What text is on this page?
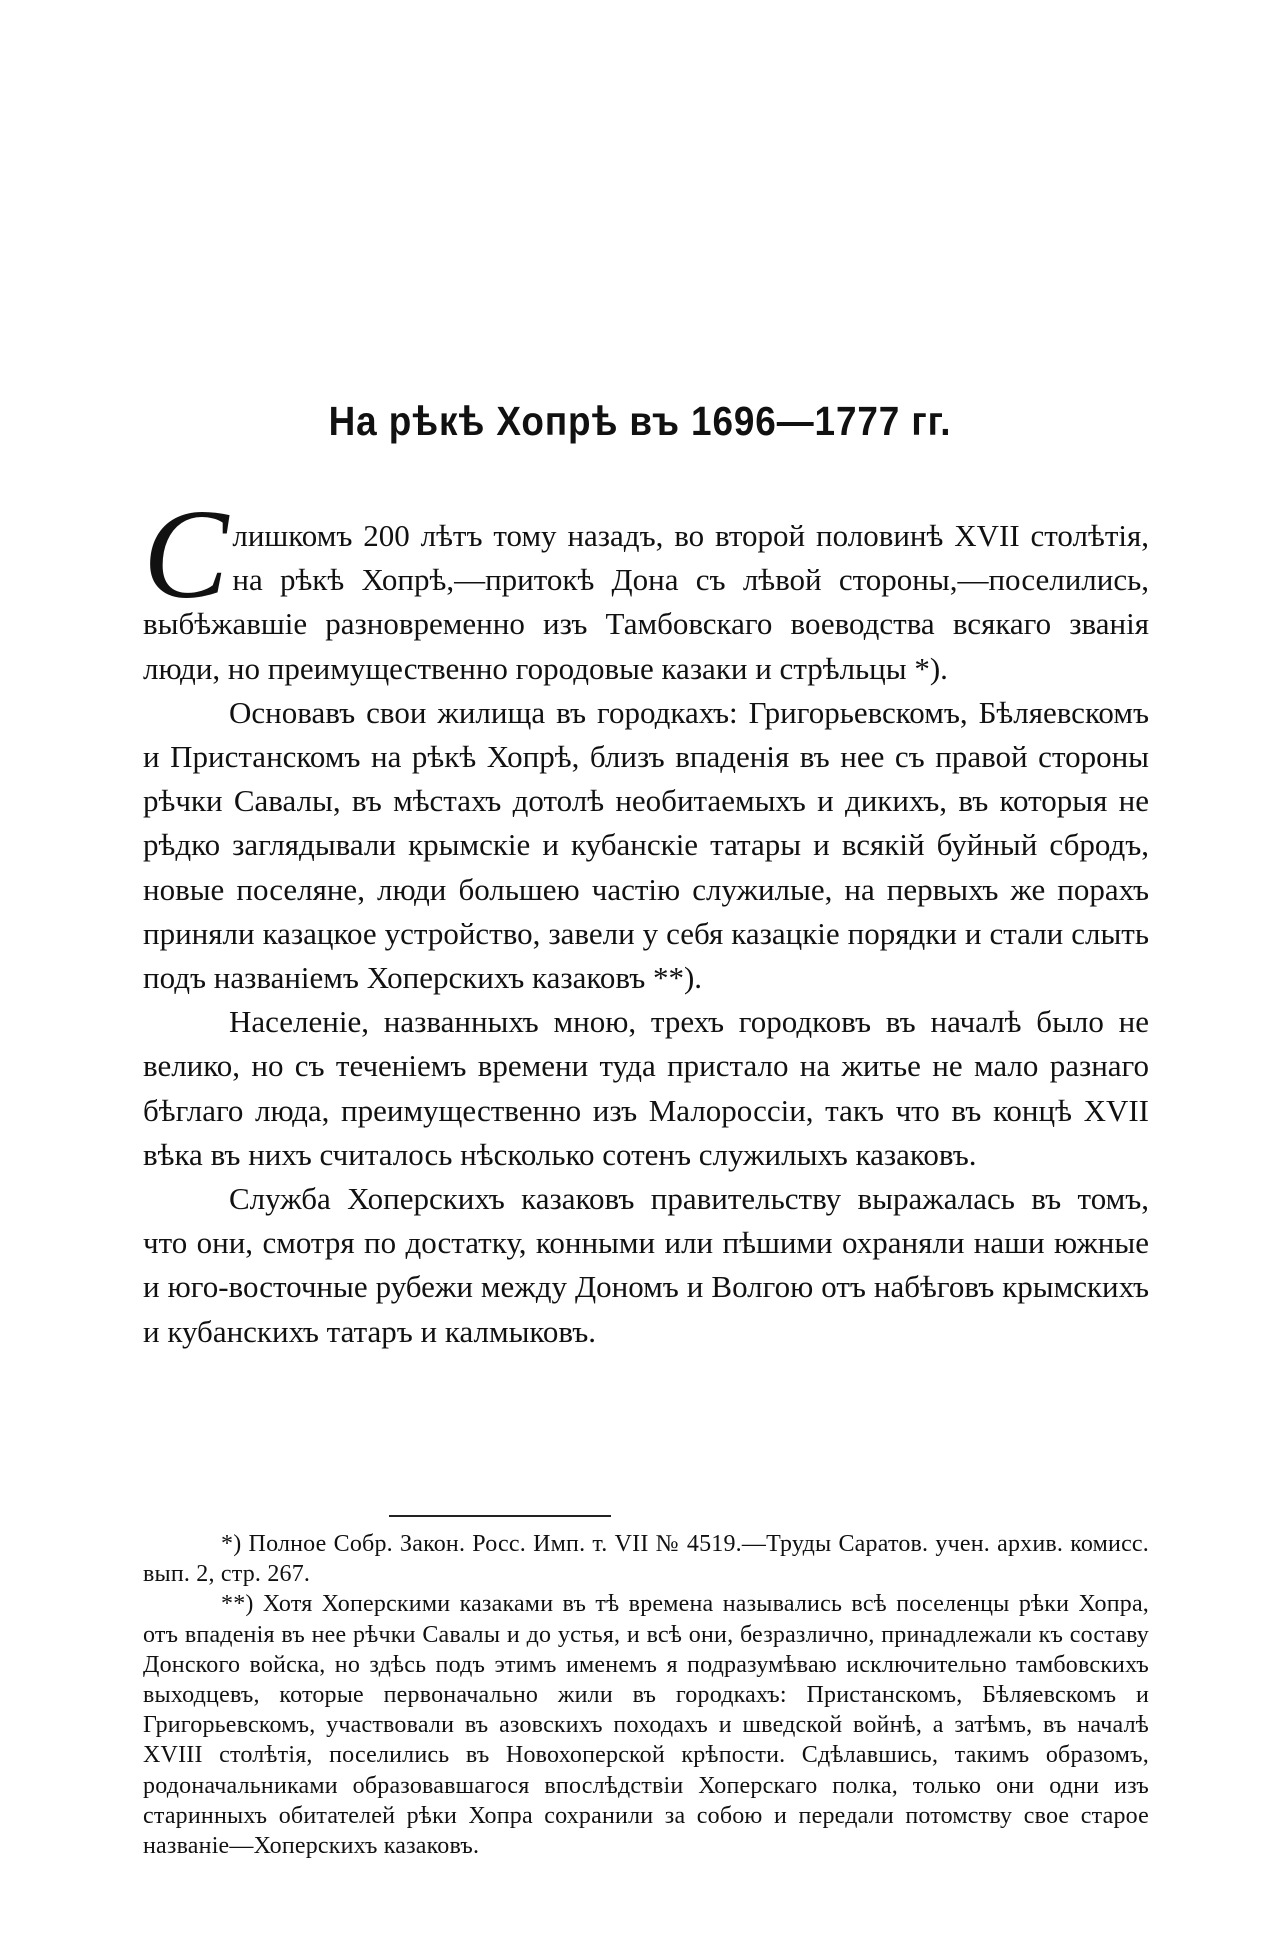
На рѣкѣ Хопрѣ въ 1696—1777 гг.

С лишкомъ 200 лѣтъ тому назадъ, во второй половинѣ XVII столѣтія, на рѣкѣ Хопрѣ,—притокѣ Дона съ лѣвой стороны,—поселились, выбѣжавшіе разновременно изъ Тамбовскаго воеводства всякаго званія люди, но преимущественно городовые казаки и стрѣльцы *).

Основавъ свои жилища въ городкахъ: Григорьевскомъ, Бѣляевскомъ и Пристанскомъ на рѣкѣ Хопрѣ, близъ впаденія въ нее съ правой стороны рѣчки Савалы, въ мѣстахъ дотолѣ необитаемыхъ и дикихъ, въ которыя не рѣдко заглядывали крымскіе и кубанскіе татары и всякій буйный сбродъ, новые поселяне, люди большею частію служилые, на первыхъ же порахъ приняли казацкое устройство, завели у себя казацкіе порядки и стали слыть подъ названіемъ Хоперскихъ казаковъ **).

Населеніе, названныхъ мною, трехъ городковъ въ началѣ было не велико, но съ теченіемъ времени туда пристало на житье не мало разнаго бѣглаго люда, преимущественно изъ Малороссіи, такъ что въ концѣ XVII вѣка въ нихъ считалось нѣсколько сотенъ служилыхъ казаковъ.

Служба Хоперскихъ казаковъ правительству выражалась въ томъ, что они, смотря по достатку, конными или пѣшими охраняли наши южные и юго-восточные рубежи между Дономъ и Волгою отъ набѣговъ крымскихъ и кубанскихъ татаръ и калмыковъ.

*) Полное Собр. Закон. Росс. Имп. т. VII № 4519.—Труды Саратов. учен. архив. комисс. вып. 2, стр. 267.

**) Хотя Хоперскими казаками въ тѣ времена назывались всѣ поселенцы рѣки Хопра, отъ впаденія въ нее рѣчки Савалы и до устья, и всѣ они, безразлично, принадлежали къ составу Донского войска, но здѣсь подъ этимъ именемъ я подразумѣваю исключительно тамбовскихъ выходцевъ, которые первоначально жили въ городкахъ: Пристанскомъ, Бѣляевскомъ и Григорьевскомъ, участвовали въ азовскихъ походахъ и шведской войнѣ, а затѣмъ, въ началѣ XVIII столѣтія, поселились въ Новохоперской крѣпости. Сдѣлавшись, такимъ образомъ, родоначальниками образовавшагося впослѣдствіи Хоперскаго полка, только они одни изъ старинныхъ обитателей рѣки Хопра сохранили за собою и передали потомству свое старое названіе—Хоперскихъ казаковъ.
